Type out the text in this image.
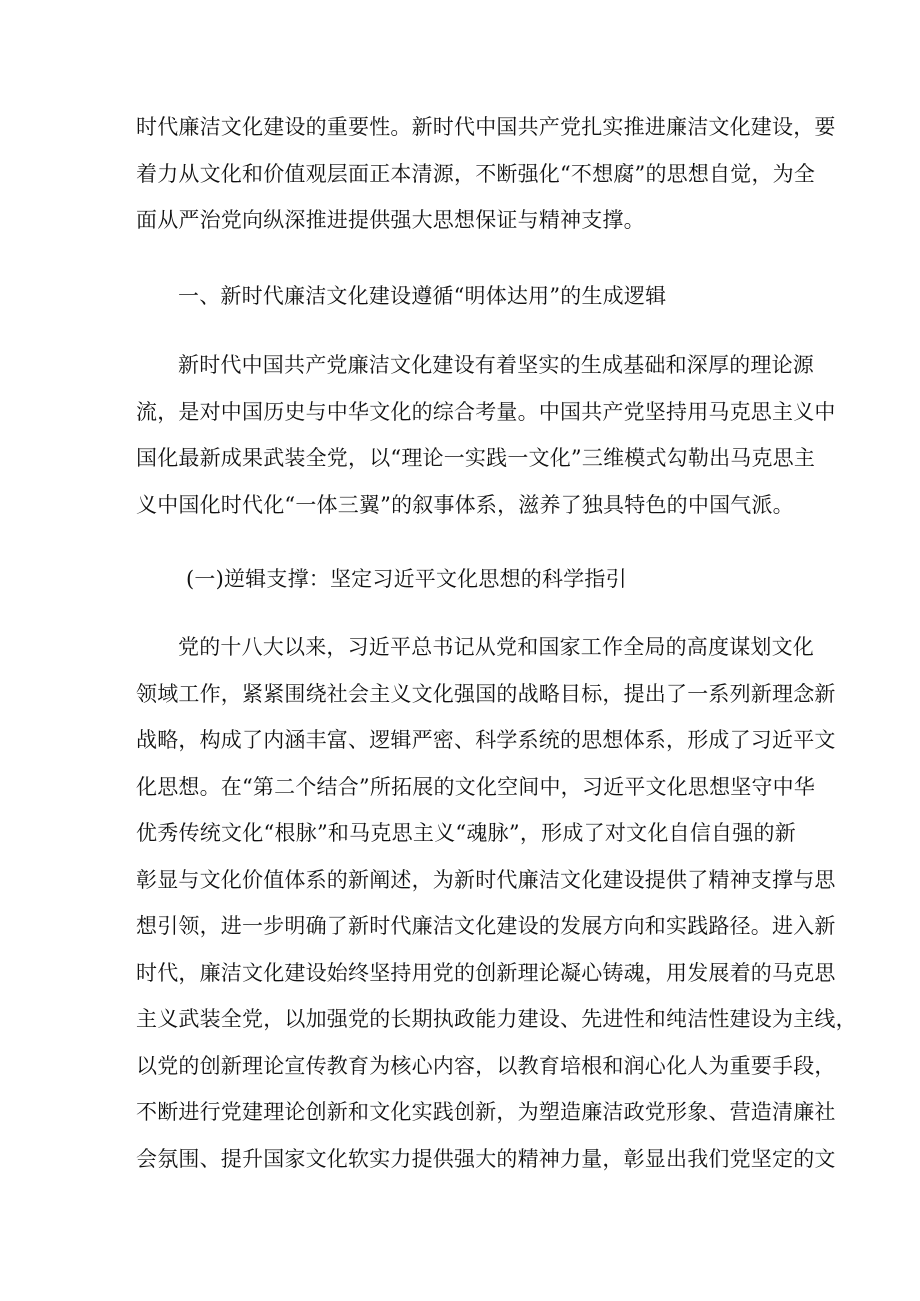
时代廉洁文化建设的重要性。新时代中国共产党扎实推进廉洁文化建设，要
着力从文化和价值观层面正本清源，不断强化“不想腐”的思想自觉，为全
面从严治党向纵深推进提供强大思想保证与精神支撑。
一、新时代廉洁文化建设遵循“明体达用”的生成逻辑
新时代中国共产党廉洁文化建设有着坚实的生成基础和深厚的理论源
流，是对中国历史与中华文化的综合考量。中国共产党坚持用马克思主义中
国化最新成果武装全党，以“理论一实践一文化”三维模式勾勒出马克思主
义中国化时代化“一体三翼”的叙事体系，滋养了独具特色的中国气派。
(一)逆辑支撑：坚定习近平文化思想的科学指引
党的十八大以来，习近平总书记从党和国家工作全局的高度谋划文化
领域工作，紧紧围绕社会主义文化强国的战略目标，提出了一系列新理念新
战略，构成了内涵丰富、逻辑严密、科学系统的思想体系，形成了习近平文
化思想。在“第二个结合”所拓展的文化空间中，习近平文化思想坚守中华
优秀传统文化“根脉”和马克思主义“魂脉”，形成了对文化自信自强的新
彰显与文化价值体系的新阐述，为新时代廉洁文化建设提供了精神支撑与思
想引领，进一步明确了新时代廉洁文化建设的发展方向和实践路径。进入新
时代，廉洁文化建设始终坚持用党的创新理论凝心铸魂，用发展着的马克思
主义武装全党，以加强党的长期执政能力建设、先进性和纯洁性建设为主线，
以党的创新理论宣传教育为核心内容，以教育培根和润心化人为重要手段，
不断进行党建理论创新和文化实践创新，为塑造廉洁政党形象、营造清廉社
会氛围、提升国家文化软实力提供强大的精神力量，彰显出我们党坚定的文
